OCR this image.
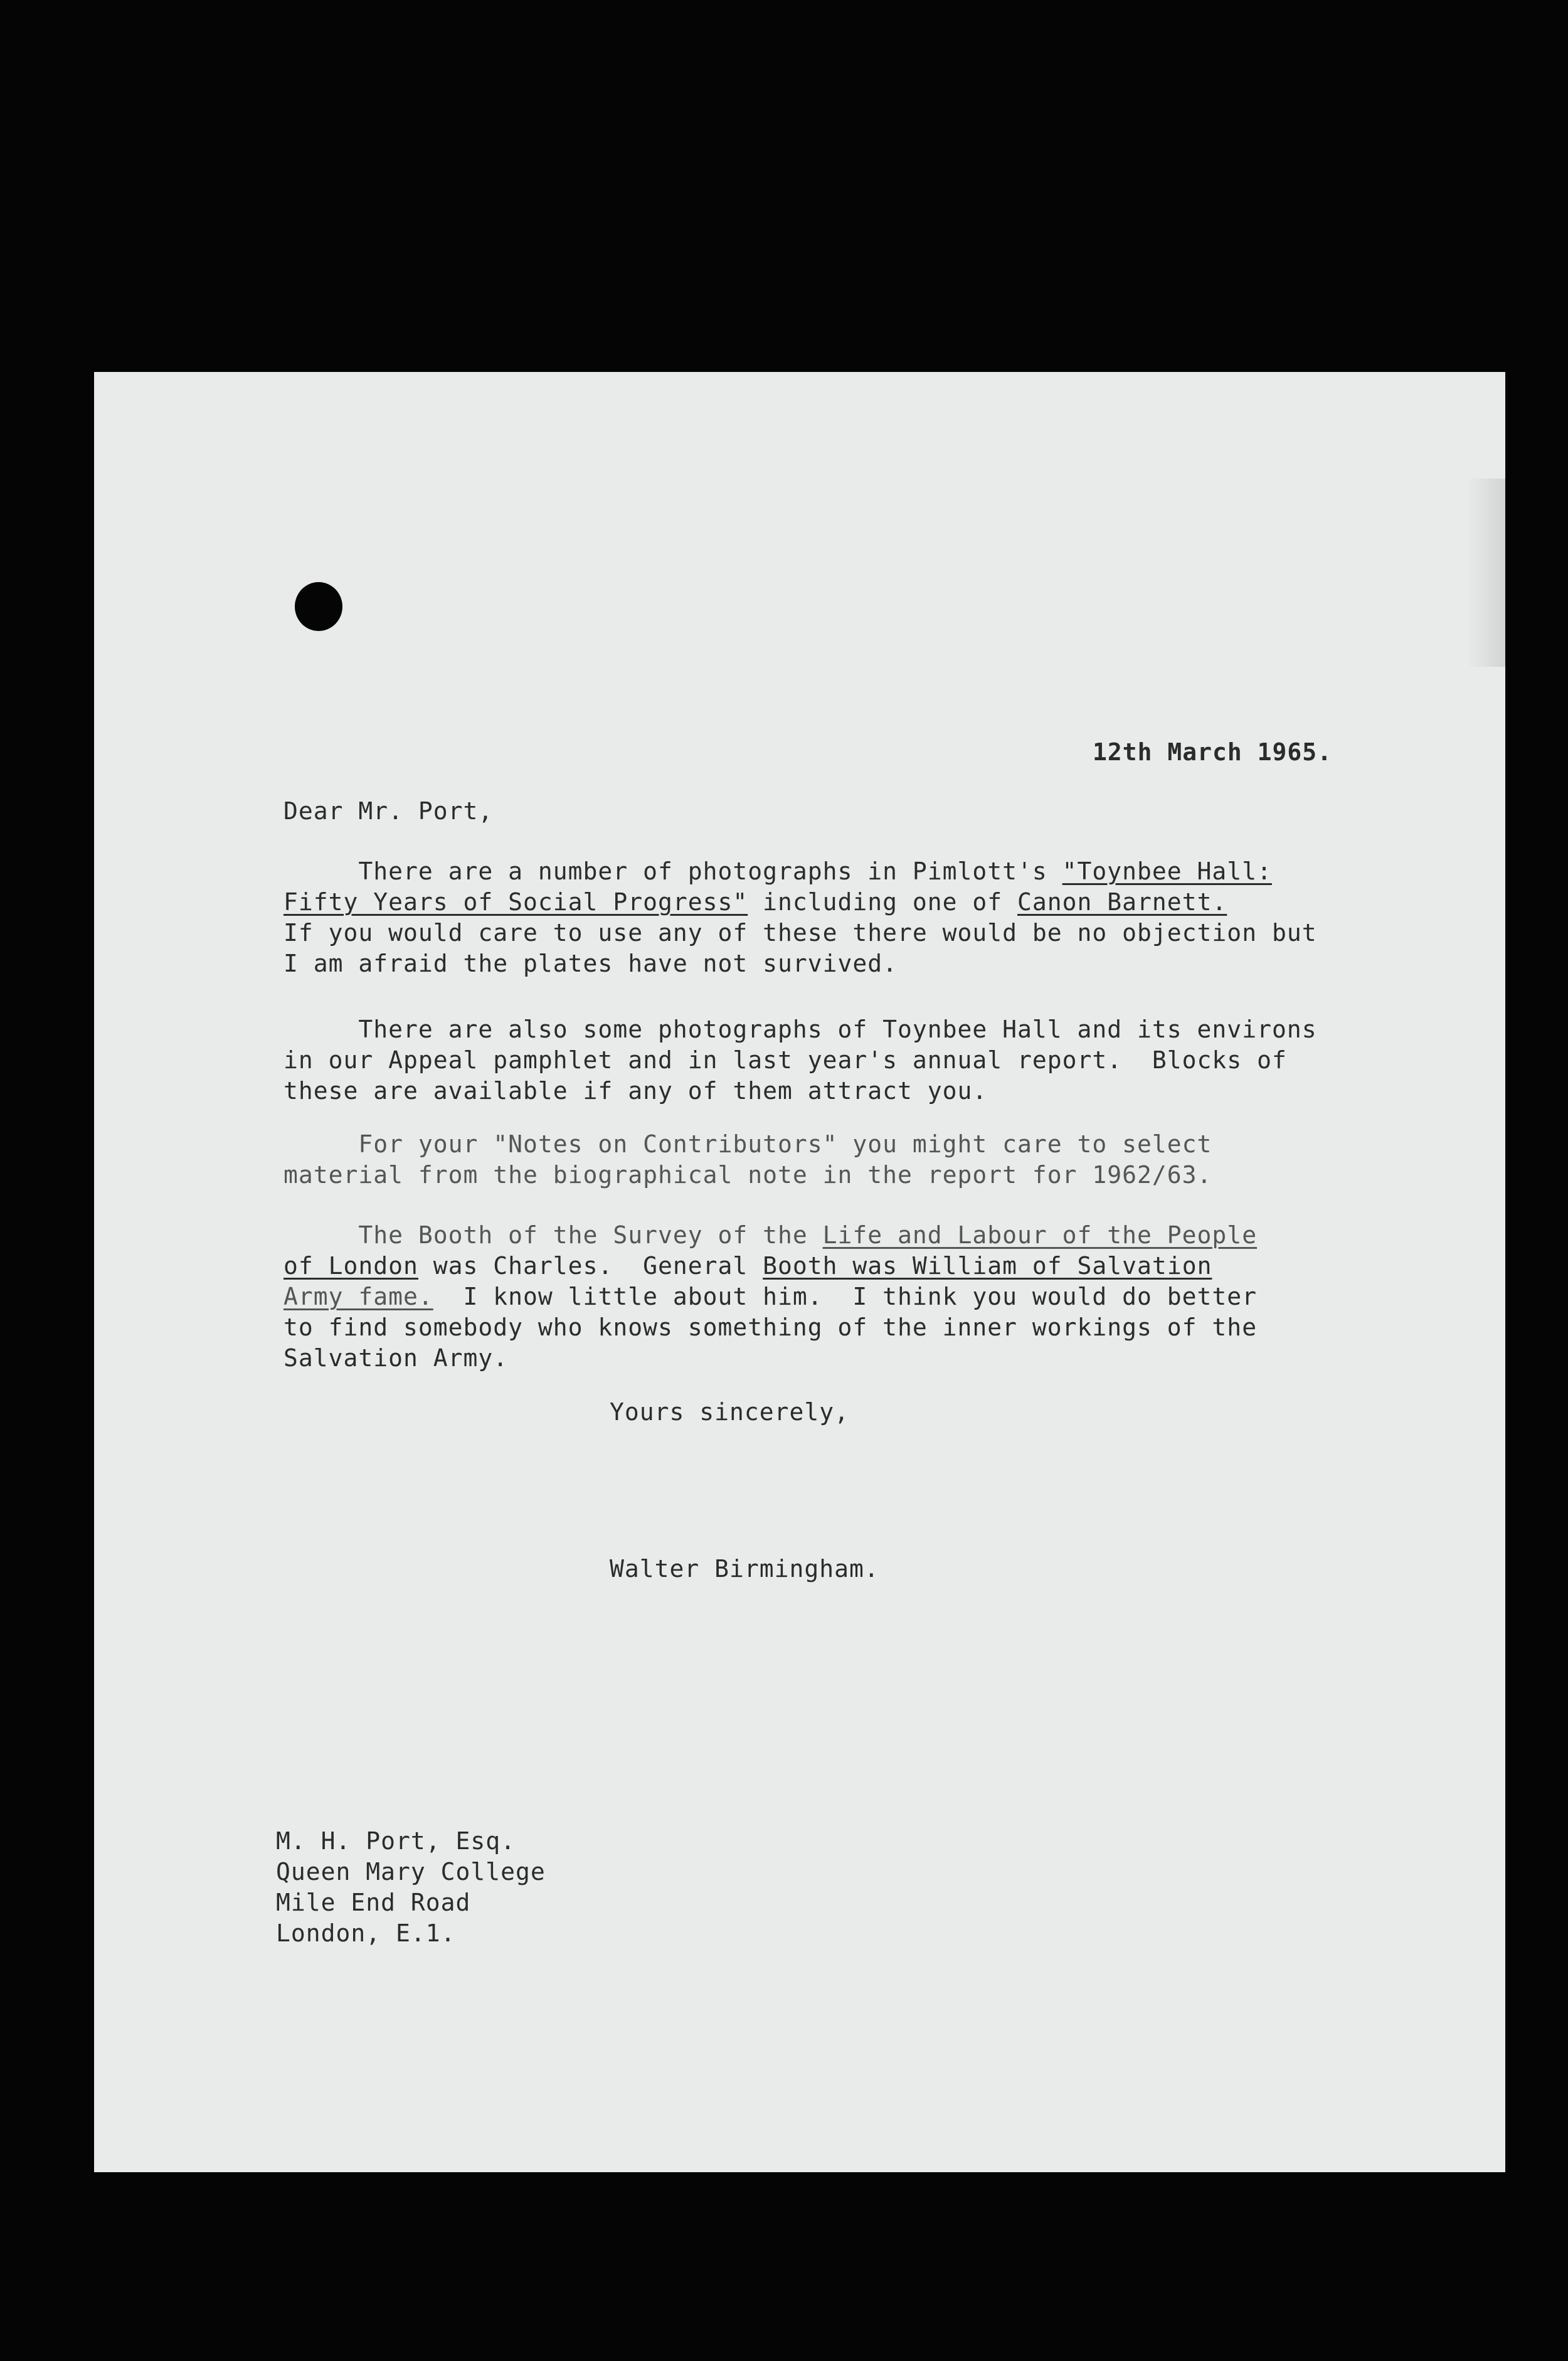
12th March 1965.

Dear Mr. Port,

There are a number of photographs in Pimlott's "Toynbee Hall:
Fifty Years of Social Progress" including one of Canon Barnett.
If you would care to use any of these there would be no objection but
I am afraid the plates have not survived.
There are also some photographs of Toynbee Hall and its environs
in our Appeal pamphlet and in last year's annual report.  Blocks of
these are available if any of them attract you.
For your "Notes on Contributors" you might care to select
material from the biographical note in the report for 1962/63.
The Booth of the Survey of the Life and Labour of the People
of London was Charles.  General Booth was William of Salvation
Army fame.  I know little about him.  I think you would do better
to find somebody who knows something of the inner workings of the
Salvation Army.

Yours sincerely,

Walter Birmingham.

M. H. Port, Esq.
Queen Mary College
Mile End Road
London, E.1.
